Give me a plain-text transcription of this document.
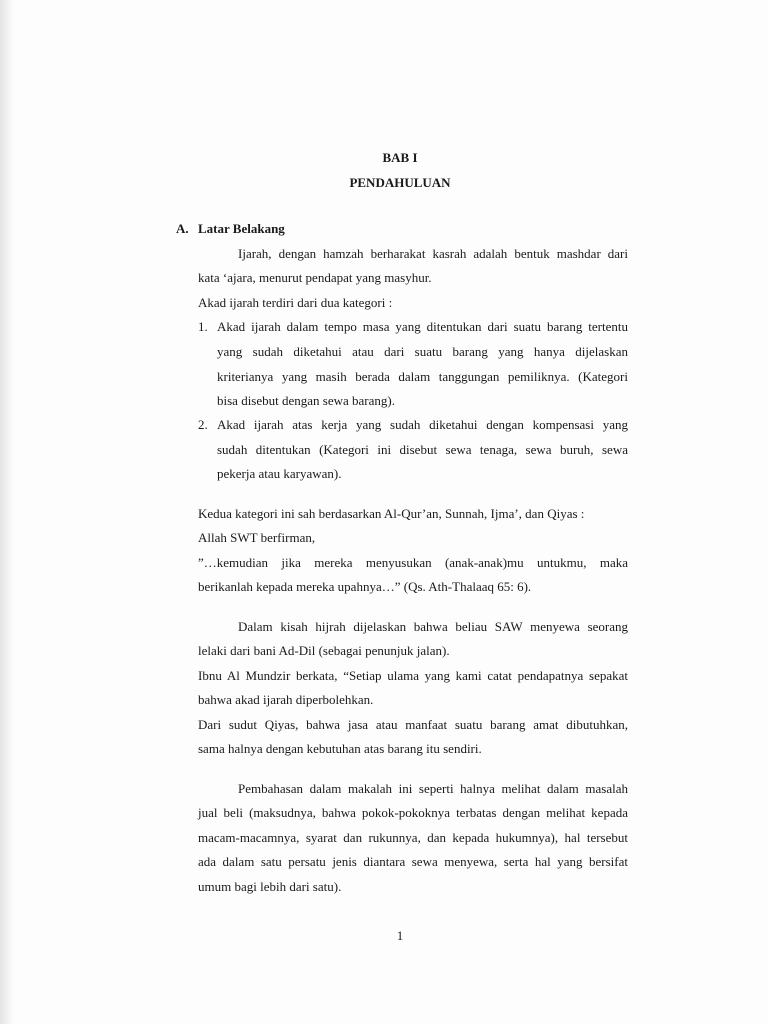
BAB I

PENDAHULUAN

A. Latar Belakang

Ijarah, dengan hamzah berharakat kasrah adalah bentuk mashdar dari

kata ‘ajara, menurut pendapat yang masyhur.

Akad ijarah terdiri dari dua kategori :

1. Akad ijarah dalam tempo masa yang ditentukan dari suatu barang tertentu

yang sudah diketahui atau dari suatu barang yang hanya dijelaskan

kriterianya yang masih berada dalam tanggungan pemiliknya. (Kategori

bisa disebut dengan sewa barang).

2. Akad ijarah atas kerja yang sudah diketahui dengan kompensasi yang

sudah ditentukan (Kategori ini disebut sewa tenaga, sewa buruh, sewa

pekerja atau karyawan).

Kedua kategori ini sah berdasarkan Al-Qur’an, Sunnah, Ijma’, dan Qiyas :

Allah SWT berfirman,

”…kemudian jika mereka menyusukan (anak-anak)mu untukmu, maka

berikanlah kepada mereka upahnya…” (Qs. Ath-Thalaaq 65: 6).

Dalam kisah hijrah dijelaskan bahwa beliau SAW menyewa seorang

lelaki dari bani Ad-Dil (sebagai penunjuk jalan).

Ibnu Al Mundzir berkata, “Setiap ulama yang kami catat pendapatnya sepakat

bahwa akad ijarah diperbolehkan.

Dari sudut Qiyas, bahwa jasa atau manfaat suatu barang amat dibutuhkan,

sama halnya dengan kebutuhan atas barang itu sendiri.

Pembahasan dalam makalah ini seperti halnya melihat dalam masalah

jual beli (maksudnya, bahwa pokok-pokoknya terbatas dengan melihat kepada

macam-macamnya, syarat dan rukunnya, dan kepada hukumnya), hal tersebut

ada dalam satu persatu jenis diantara sewa menyewa, serta hal yang bersifat

umum bagi lebih dari satu).

1
